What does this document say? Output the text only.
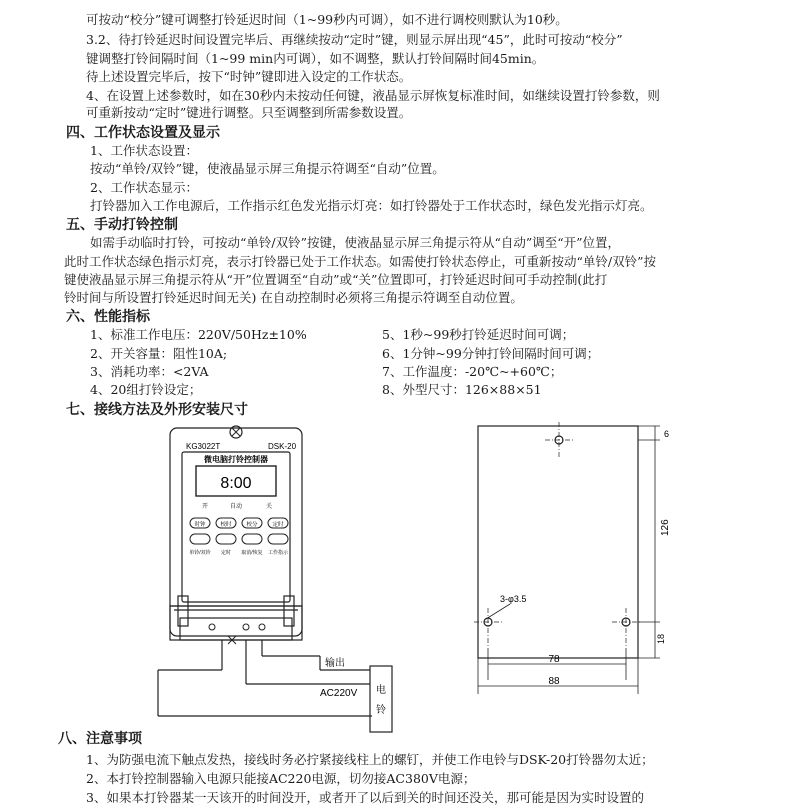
可按动“校分”键可调整打铃延迟时间（1~99秒内可调），如不进行调校则默认为10秒。
3.2、待打铃延迟时间设置完毕后、再继续按动“定时”键，则显示屏出现“45”，此时可按动“校分”
键调整打铃间隔时间（1~99 min内可调），如不调整，默认打铃间隔时间45min。
待上述设置完毕后，按下“时钟”键即进入设定的工作状态。
4、在设置上述参数时，如在30秒内未按动任何键，液晶显示屏恢复标准时间，如继续设置打铃参数，则
可重新按动“定时”键进行调整。只至调整到所需参数设置。
四、工作状态设置及显示
1、工作状态设置：
按动“单铃/双铃”键，使液晶显示屏三角提示符调至“自动”位置。
2、工作状态显示：
打铃器加入工作电源后，工作指示红色发光指示灯亮：如打铃器处于工作状态时，绿色发光指示灯亮。
五、手动打铃控制
如需手动临时打铃，可按动“单铃/双铃”按键，使液晶显示屏三角提示符从“自动”调至“开”位置，
此时工作状态绿色指示灯亮，表示打铃器已处于工作状态。如需使打铃状态停止，可重新按动“单铃/双铃”按
键使液晶显示屏三角提示符从“开”位置调至“自动”或“关”位置即可，打铃延迟时间可手动控制(此打
铃时间与所设置打铃延迟时间无关) 在自动控制时必须将三角提示符调至自动位置。
六、性能指标
1、标准工作电压：220V/50Hz±10%
2、开关容量：阻性10A;
3、消耗功率：<2VA
4、20组打铃设定；
5、1秒~99秒打铃延迟时间可调；
6、1分钟~99分钟打铃间隔时间可调；
7、工作温度：-20℃~+60℃；
8、外型尺寸：126×88×51
七、接线方法及外形安装尺寸
KG3022T	DSK-20
微电脑打铃控制器
8:00
开	自动	关
时钟	校时	校分	定时
单铃/双铃 定时 取消/恢复 工作指示
输出
AC220V 电
铃
6
126
3-φ3.5
18
78
88
八、注意事项
1、为防强电流下触点发热，接线时务必拧紧接线柱上的螺钉，并使工作电铃与DSK-20打铃器勿太近；
2、本打铃控制器输入电源只能接AC220电源，切勿接AC380V电源；
3、如果本打铃器某一天该开的时间没开，或者开了以后到关的时间还没关，那可能是因为实时设置的
